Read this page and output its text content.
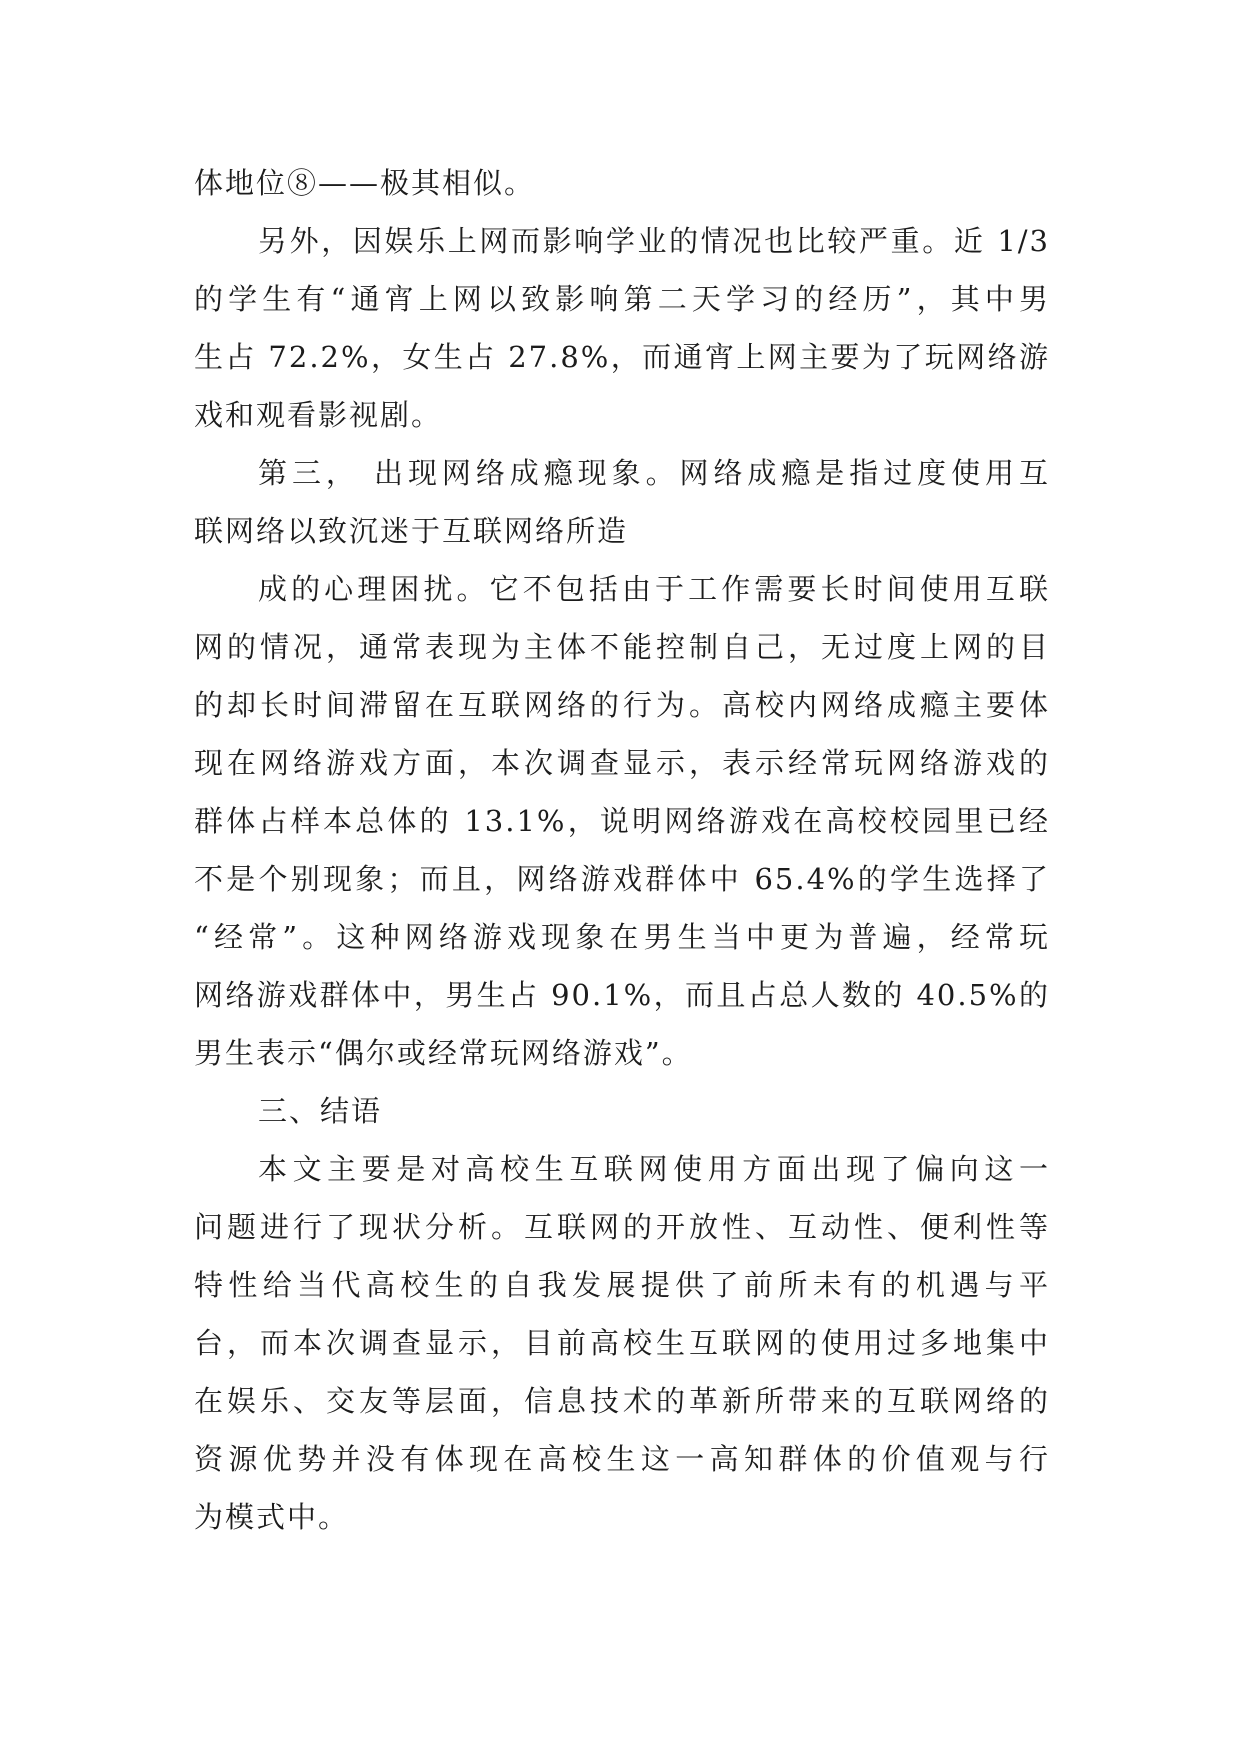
体地位⑧——极其相似。
另外，因娱乐上网而影响学业的情况也比较严重。近 1/3
的学生有“通宵上网以致影响第二天学习的经历”，其中男
生占 72.2%，女生占 27.8%，而通宵上网主要为了玩网络游
戏和观看影视剧。
第三， 出现网络成瘾现象。网络成瘾是指过度使用互
联网络以致沉迷于互联网络所造
成的心理困扰。它不包括由于工作需要长时间使用互联
网的情况，通常表现为主体不能控制自己，无过度上网的目
的却长时间滞留在互联网络的行为。高校内网络成瘾主要体
现在网络游戏方面，本次调查显示，表示经常玩网络游戏的
群体占样本总体的 13.1%，说明网络游戏在高校校园里已经
不是个别现象；而且，网络游戏群体中 65.4%的学生选择了
“经常”。这种网络游戏现象在男生当中更为普遍，经常玩
网络游戏群体中，男生占 90.1%，而且占总人数的 40.5%的
男生表示“偶尔或经常玩网络游戏”。
三、结语
本文主要是对高校生互联网使用方面出现了偏向这一
问题进行了现状分析。互联网的开放性、互动性、便利性等
特性给当代高校生的自我发展提供了前所未有的机遇与平
台，而本次调查显示，目前高校生互联网的使用过多地集中
在娱乐、交友等层面，信息技术的革新所带来的互联网络的
资源优势并没有体现在高校生这一高知群体的价值观与行
为模式中。
